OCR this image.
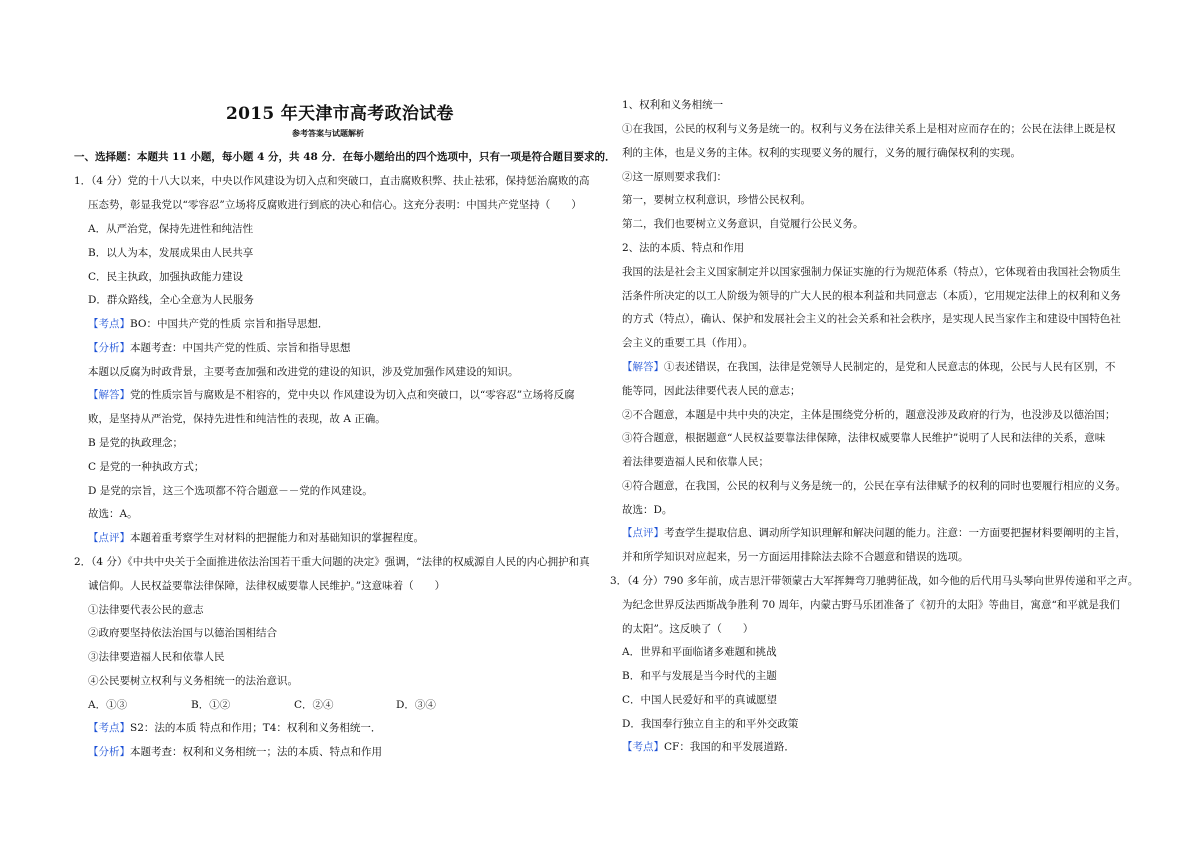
2015 年天津市高考政治试卷
参考答案与试题解析
一、选择题：本题共 11 小题，每小题 4 分，共 48 分．在每小题给出的四个选项中，只有一项是符合题目要求的．
1．（4 分）党的十八大以来，中央以作风建设为切入点和突破口，直击腐败积弊、扶止祛邪，保持惩治腐败的高
压态势，彰显我党以“零容忍”立场将反腐败进行到底的决心和信心。这充分表明：中国共产党坚持（　　）
A．从严治党，保持先进性和纯洁性
B．以人为本，发展成果由人民共享
C．民主执政，加强执政能力建设
D．群众路线，全心全意为人民服务
【考点】BO：中国共产党的性质 宗旨和指导思想．
【分析】本题考查：中国共产党的性质、宗旨和指导思想
本题以反腐为时政背景，主要考查加强和改进党的建设的知识，涉及党加强作风建设的知识。
【解答】党的性质宗旨与腐败是不相容的，党中央以 作风建设为切入点和突破口，以“零容忍”立场将反腐
败，是坚持从严治党，保持先进性和纯洁性的表现，故 A 正确。
B 是党的执政理念；
C 是党的一种执政方式；
D 是党的宗旨，这三个选项都不符合题意－－党的作风建设。
故选：A。
【点评】本题着重考察学生对材料的把握能力和对基础知识的掌握程度。
2．（4 分）《中共中央关于全面推进依法治国若干重大问题的决定》强调，“法律的权威源自人民的内心拥护和真
诚信仰。人民权益要靠法律保障，法律权威要靠人民维护。”这意味着（　　）
①法律要代表公民的意志
②政府要坚持依法治国与以德治国相结合
③法律要造福人民和依靠人民
④公民要树立权利与义务相统一的法治意识。
A．①③	B．①②	C．②④	D．③④
【考点】S2：法的本质 特点和作用；T4：权利和义务相统一．
【分析】本题考查：权利和义务相统一；法的本质、特点和作用
1、权利和义务相统一
①在我国，公民的权利与义务是统一的。权利与义务在法律关系上是相对应而存在的；公民在法律上既是权
利的主体，也是义务的主体。权利的实现要义务的履行，义务的履行确保权利的实现。
②这一原则要求我们：
第一，要树立权利意识，珍惜公民权利。
第二，我们也要树立义务意识，自觉履行公民义务。
2、法的本质、特点和作用
我国的法是社会主义国家制定并以国家强制力保证实施的行为规范体系（特点），它体现着由我国社会物质生
活条件所决定的以工人阶级为领导的广大人民的根本利益和共同意志（本质），它用规定法律上的权利和义务
的方式（特点），确认、保护和发展社会主义的社会关系和社会秩序，是实现人民当家作主和建设中国特色社
会主义的重要工具（作用）。
【解答】①表述错误，在我国，法律是党领导人民制定的，是党和人民意志的体现，公民与人民有区别，不
能等同，因此法律要代表人民的意志；
②不合题意，本题是中共中央的决定，主体是围绕党分析的，题意没涉及政府的行为，也没涉及以德治国；
③符合题意，根据题意“人民权益要靠法律保障，法律权威要靠人民维护”说明了人民和法律的关系，意味
着法律要造福人民和依靠人民；
④符合题意，在我国，公民的权利与义务是统一的，公民在享有法律赋予的权利的同时也要履行相应的义务。
故选：D。
【点评】考查学生提取信息、调动所学知识理解和解决问题的能力。注意：一方面要把握材料要阐明的主旨，
并和所学知识对应起来，另一方面运用排除法去除不合题意和错误的选项。
3．（4 分）790 多年前，成吉思汗带领蒙古大军挥舞弯刀驰骋征战，如今他的后代用马头琴向世界传递和平之声。
为纪念世界反法西斯战争胜利 70 周年，内蒙古野马乐团准备了《初升的太阳》等曲目，寓意“和平就是我们
的太阳”。这反映了（　　）
A．世界和平面临诸多难题和挑战
B．和平与发展是当今时代的主题
C．中国人民爱好和平的真诚愿望
D．我国奉行独立自主的和平外交政策
【考点】CF：我国的和平发展道路．
